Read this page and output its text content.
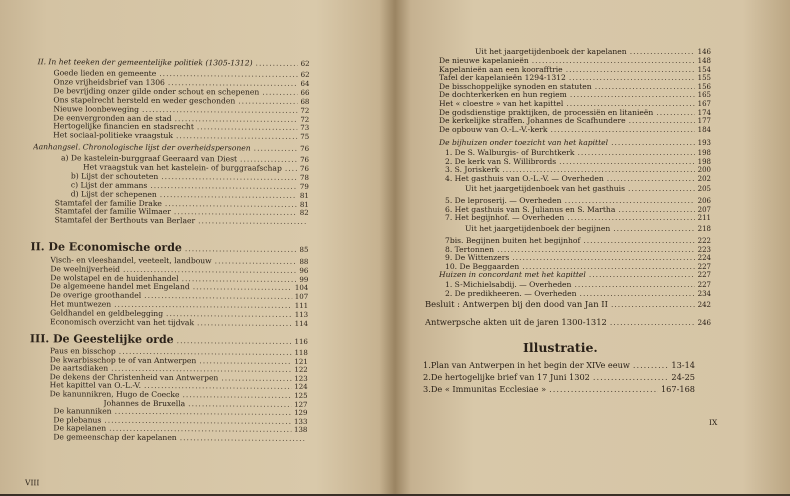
II. In het teeken der gemeentelijke politiek (1305-1312) .....	62
Goede lieden en gemeente .....	62
Onze vrijheidsbrief van 1306 .....	64
De bevrijding onzer gilde onder schout en schepenen .....	66
Ons stapelrecht hersteld en weder geschonden .....	68
Nieuwe loonbeweging .....	72
De eenvergronden aan de stad .....	72
Hertogelijke financien en stadsrecht .....	73
Het sociaal-politieke vraagstuk .....	75
Aanhangsel. Chronologische lijst der overheidspersonen .....	76
a) De kastelein-burggraaf Geeraard van Diest .....	76
Het vraagstuk van het kastelein- of burggraafschap .....	76
b) Lijst der schouteten .....	78
c) Lijst der ammans .....	79
d) Lijst der schepenen .....	81
Stamtafel der familie Drake .....	81
Stamtafel der familie Wilmaer .....	82
Stamtafel der Berthouts van Berlaer
.....
II. De Economische orde .....	85
Visch- en vleeshandel, veeteelt, landbouw .....	88
De weelnijverheid .....	96
De wolstapel en de huidenhandel .....	99
De algemeene handel met Engeland .....	104
De overige groothandel .....	107
Het muntwezen .....	111
Geldhandel en geldbelegging .....	113
Economisch overzicht van het tijdvak .....	114
III. De Geestelijke orde .....	116
Paus en bisschop .....	118
De kwarbisschop te of van Antwerpen .....	121
De aartsdiaken .....	122
De dekens der Christenheid van Antwerpen .....	123
Het kapittel van O.-L.-V. .....	124
De kanunnikren, Hugo de Coecke .....	125
Johannes de Bruxella .....	127
De kanunniken .....	129
De plebanus .....	133
De kapelanen .....	138
De gemeenschap der kapelanen
.....
VIII
Uit het jaargetijdenboek der kapelanen .....	146
De nieuwe kapelanieën .....	148
Kapelanieën aan een koorafftrie .....	154
Tafel der kapelanieën 1294-1312 .....	155
De bisschoppelijke synoden en statuten .....	156
De dochterkerken en hun regiem .....	165
Het « cloestre » van het kapittel .....	167
De godsdienstige praktijken, de processiën en litanieën .....	174
De kerkelijke straffen. Johannes de Scafhundere .....	177
De opbouw van O.-L.-V.-kerk .....	184
De bijhuizen onder toezicht van het kapittel .....	193
1. De S. Walburgis- of Burchtkerk .....	198
2. De kerk van S. Willibrords .....	198
3. S. Joriskerk .....	200
4. Het gasthuis van O.-L.-V. — Overheden .....	202
Uit het jaargetijdenboek van het gasthuis .....	205
5. De leproserij. — Overheden .....	206
6. Het gasthuis van S. Julianus en S. Martha .....	207
7. Het begijnhof. — Overheden .....	211
Uit het jaargetijdenboek der begijnen .....	218
7bis. Begijnen buiten het begijnhof .....	222
8. Tertonnen .....	223
9. De Wittenzers .....	224
10. De Beggaarden .....	227
Huizen in concordant met het kapittel .....	227
1. S-Michielsabdij. — Overheden .....	227
2. De predikheeren. — Overheden .....	234
Besluit : Antwerpen bij den dood van Jan II .....	242
Antwerpsche akten uit de jaren 1300-1312 .....	246
Illustratie.
1. Plan van Antwerpen in het begin der XIVe eeuw .....	13-14
2. De hertogelijke brief van 17 Juni 1302 .....	24-25
3. De « Immunitas Ecclesiae » .....	167-168
IX
